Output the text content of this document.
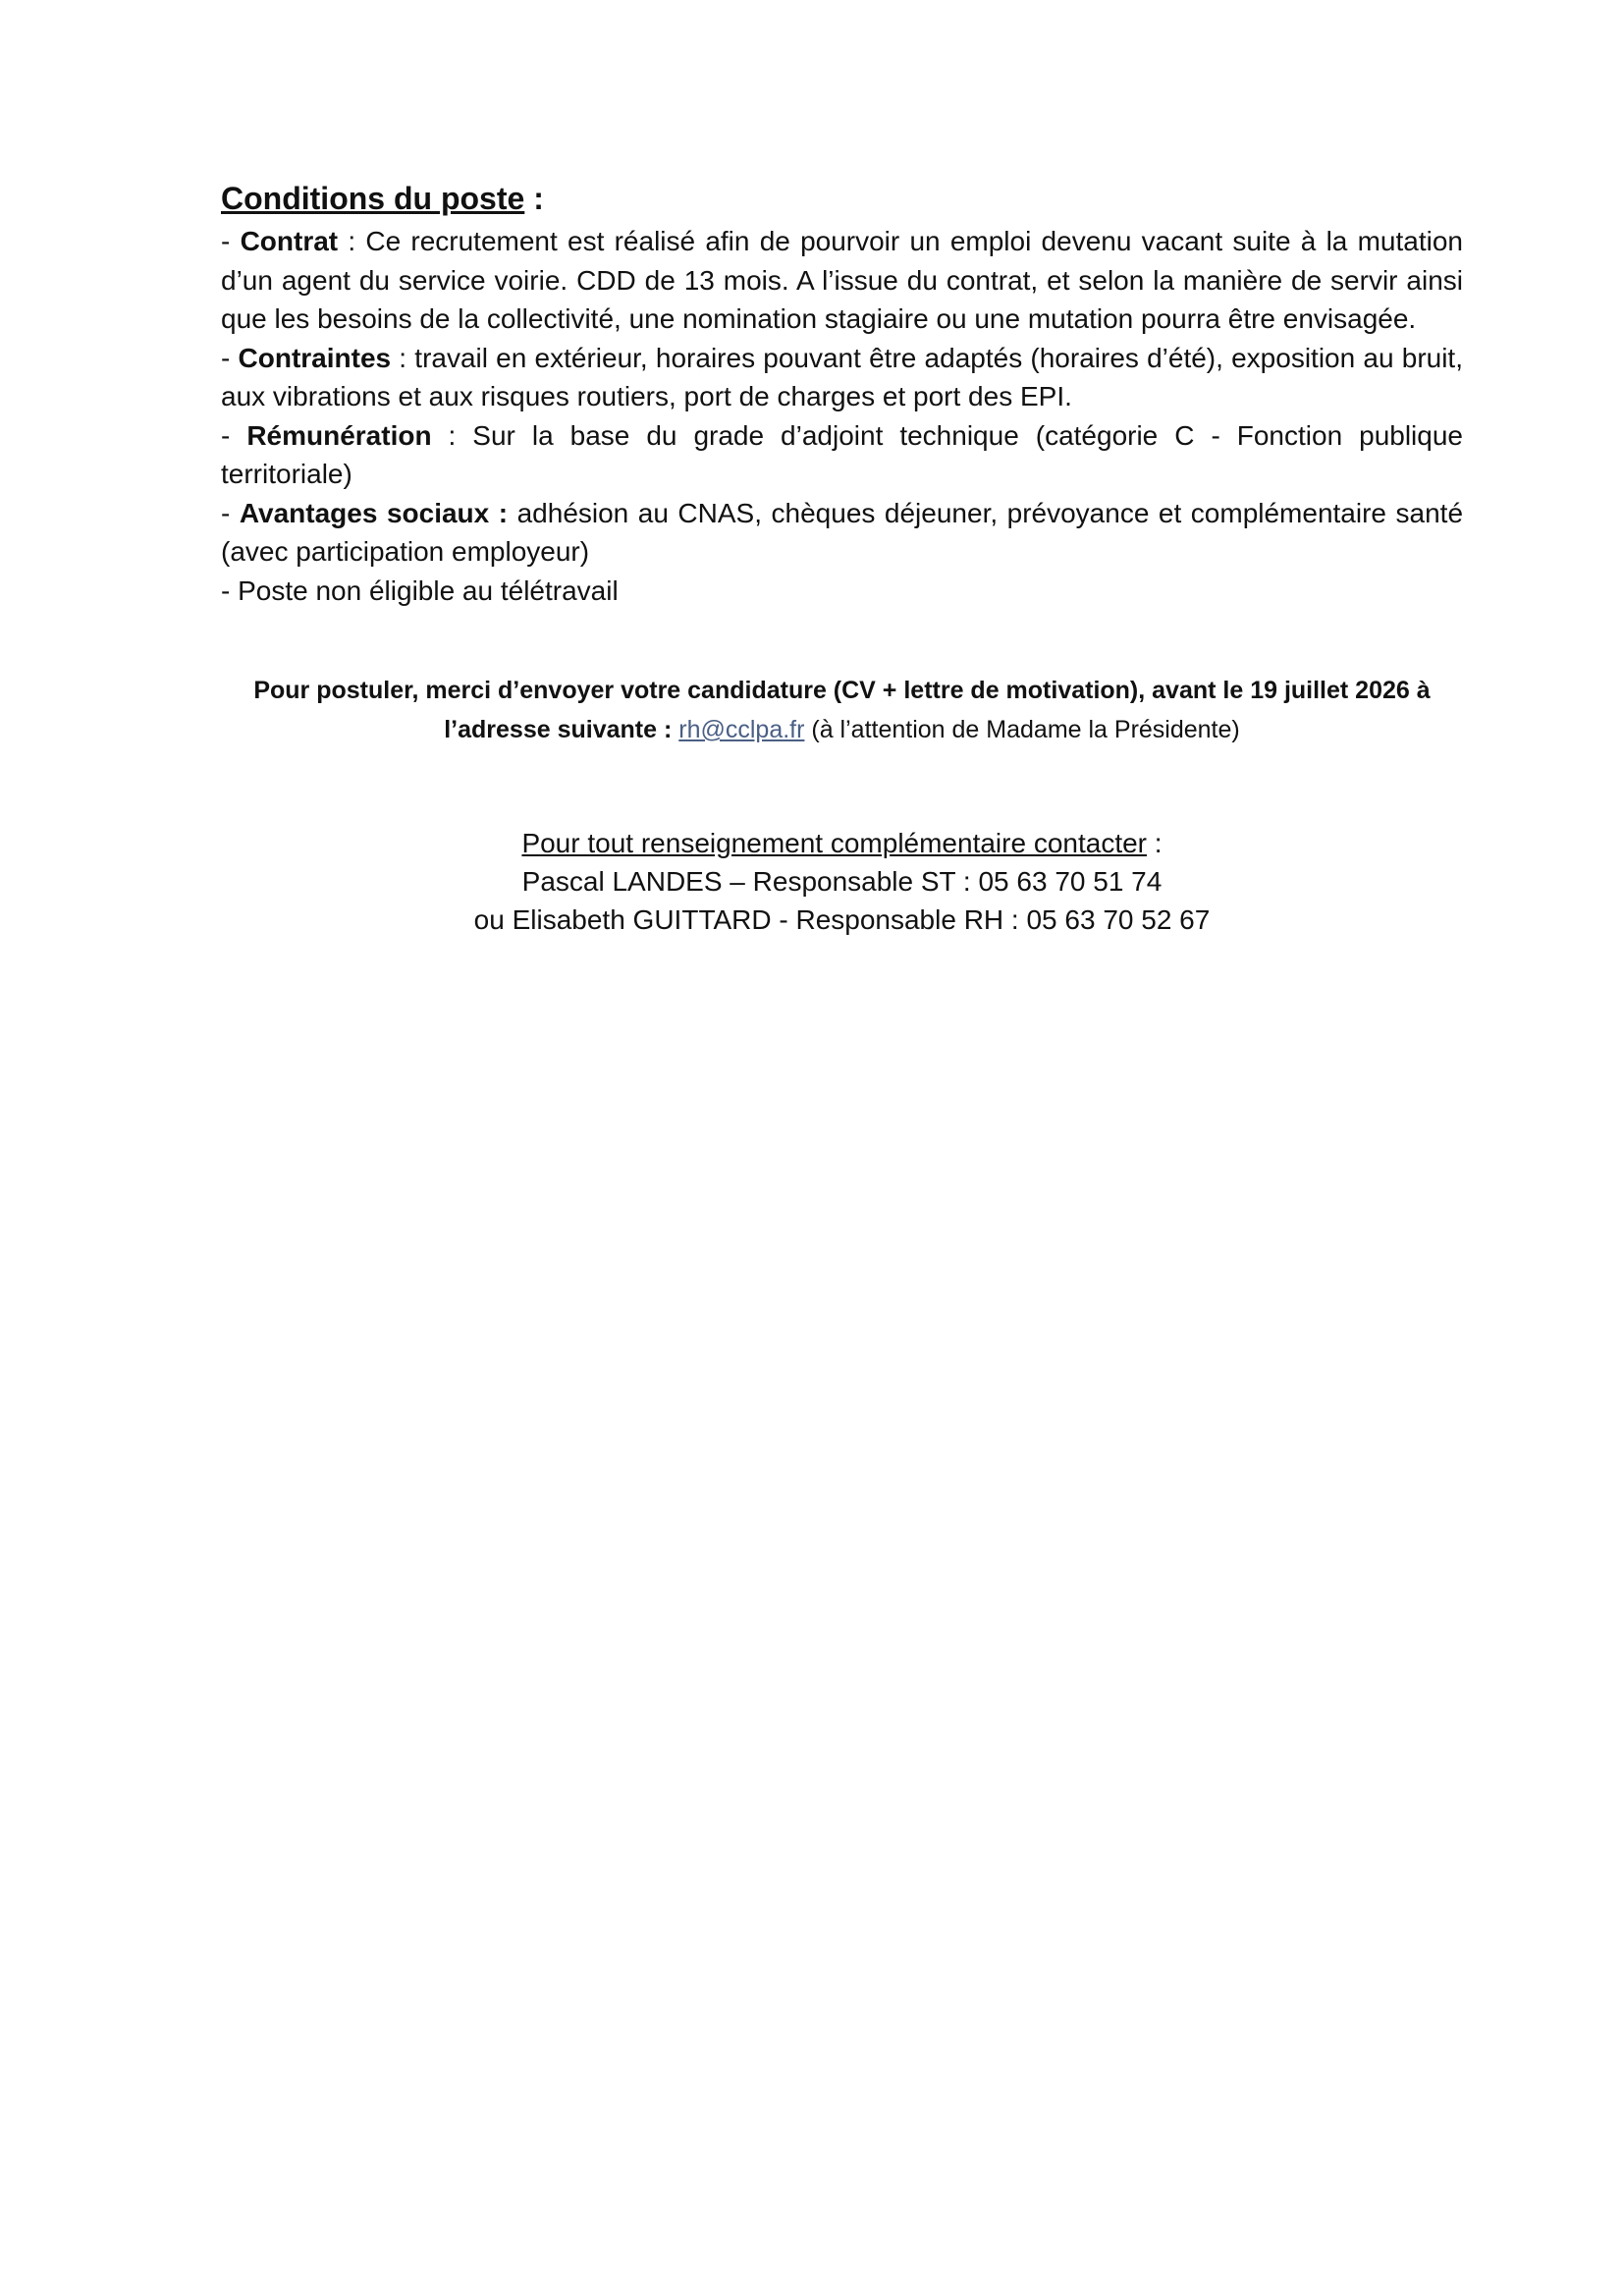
Conditions du poste :

- Contrat : Ce recrutement est réalisé afin de pourvoir un emploi devenu vacant suite à la mutation d’un agent du service voirie. CDD de 13 mois. A l’issue du contrat, et selon la manière de servir ainsi que les besoins de la collectivité, une nomination stagiaire ou une mutation pourra être envisagée.

- Contraintes : travail en extérieur, horaires pouvant être adaptés (horaires d’été), exposition au bruit, aux vibrations et aux risques routiers, port de charges et port des EPI.

- Rémunération : Sur la base du grade d’adjoint technique (catégorie C - Fonction publique territoriale)

- Avantages sociaux : adhésion au CNAS, chèques déjeuner, prévoyance et complémentaire santé (avec participation employeur)

- Poste non éligible au télétravail

Pour postuler, merci d’envoyer votre candidature (CV + lettre de motivation), avant le 19 juillet 2026 à
l’adresse suivante : rh@cclpa.fr (à l’attention de Madame la Présidente)
Pour tout renseignement complémentaire contacter :
Pascal LANDES – Responsable ST : 05 63 70 51 74
ou Elisabeth GUITTARD - Responsable RH : 05 63 70 52 67
